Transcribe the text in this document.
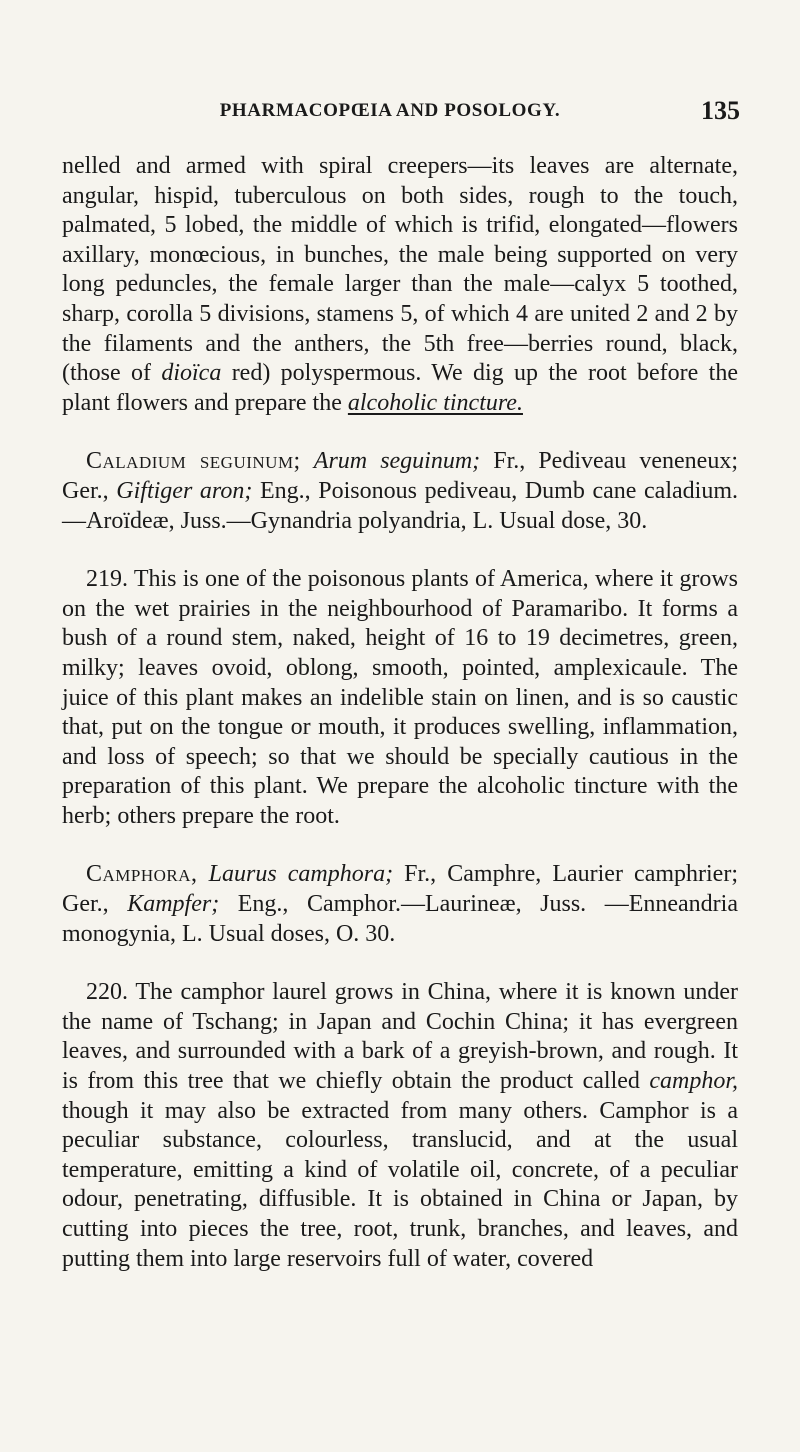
PHARMACOPŒIA AND POSOLOGY.	135

nelled and armed with spiral creepers—its leaves are alternate, angular, hispid, tuberculous on both sides, rough to the touch, palmated, 5 lobed, the middle of which is trifid, elongated—flowers axillary, monœcious, in bunches, the male being supported on very long peduncles, the female larger than the male—calyx 5 toothed, sharp, corolla 5 divisions, stamens 5, of which 4 are united 2 and 2 by the filaments and the anthers, the 5th free—berries round, black, (those of dioïca red) polyspermous. We dig up the root before the plant flowers and prepare the alcoholic tincture.

Caladium seguinum; Arum seguinum; Fr., Pediveau veneneux; Ger., Giftiger aron; Eng., Poisonous pediveau, Dumb cane caladium.—Aroïdeæ, Juss.—Gynandria polyandria, L. Usual dose, 30.

219. This is one of the poisonous plants of America, where it grows on the wet prairies in the neighbourhood of Paramaribo. It forms a bush of a round stem, naked, height of 16 to 19 decimetres, green, milky; leaves ovoid, oblong, smooth, pointed, amplexicaule. The juice of this plant makes an indelible stain on linen, and is so caustic that, put on the tongue or mouth, it produces swelling, inflammation, and loss of speech; so that we should be specially cautious in the preparation of this plant. We prepare the alcoholic tincture with the herb; others prepare the root.

Camphora, Laurus camphora; Fr., Camphre, Laurier camphrier; Ger., Kampfer; Eng., Camphor.—Laurineæ, Juss. —Enneandria monogynia, L. Usual doses, O. 30.

220. The camphor laurel grows in China, where it is known under the name of Tschang; in Japan and Cochin China; it has evergreen leaves, and surrounded with a bark of a greyish-brown, and rough. It is from this tree that we chiefly obtain the product called camphor, though it may also be extracted from many others. Camphor is a peculiar substance, colourless, translucid, and at the usual temperature, emitting a kind of volatile oil, concrete, of a peculiar odour, penetrating, diffusible. It is obtained in China or Japan, by cutting into pieces the tree, root, trunk, branches, and leaves, and putting them into large reservoirs full of water, covered
